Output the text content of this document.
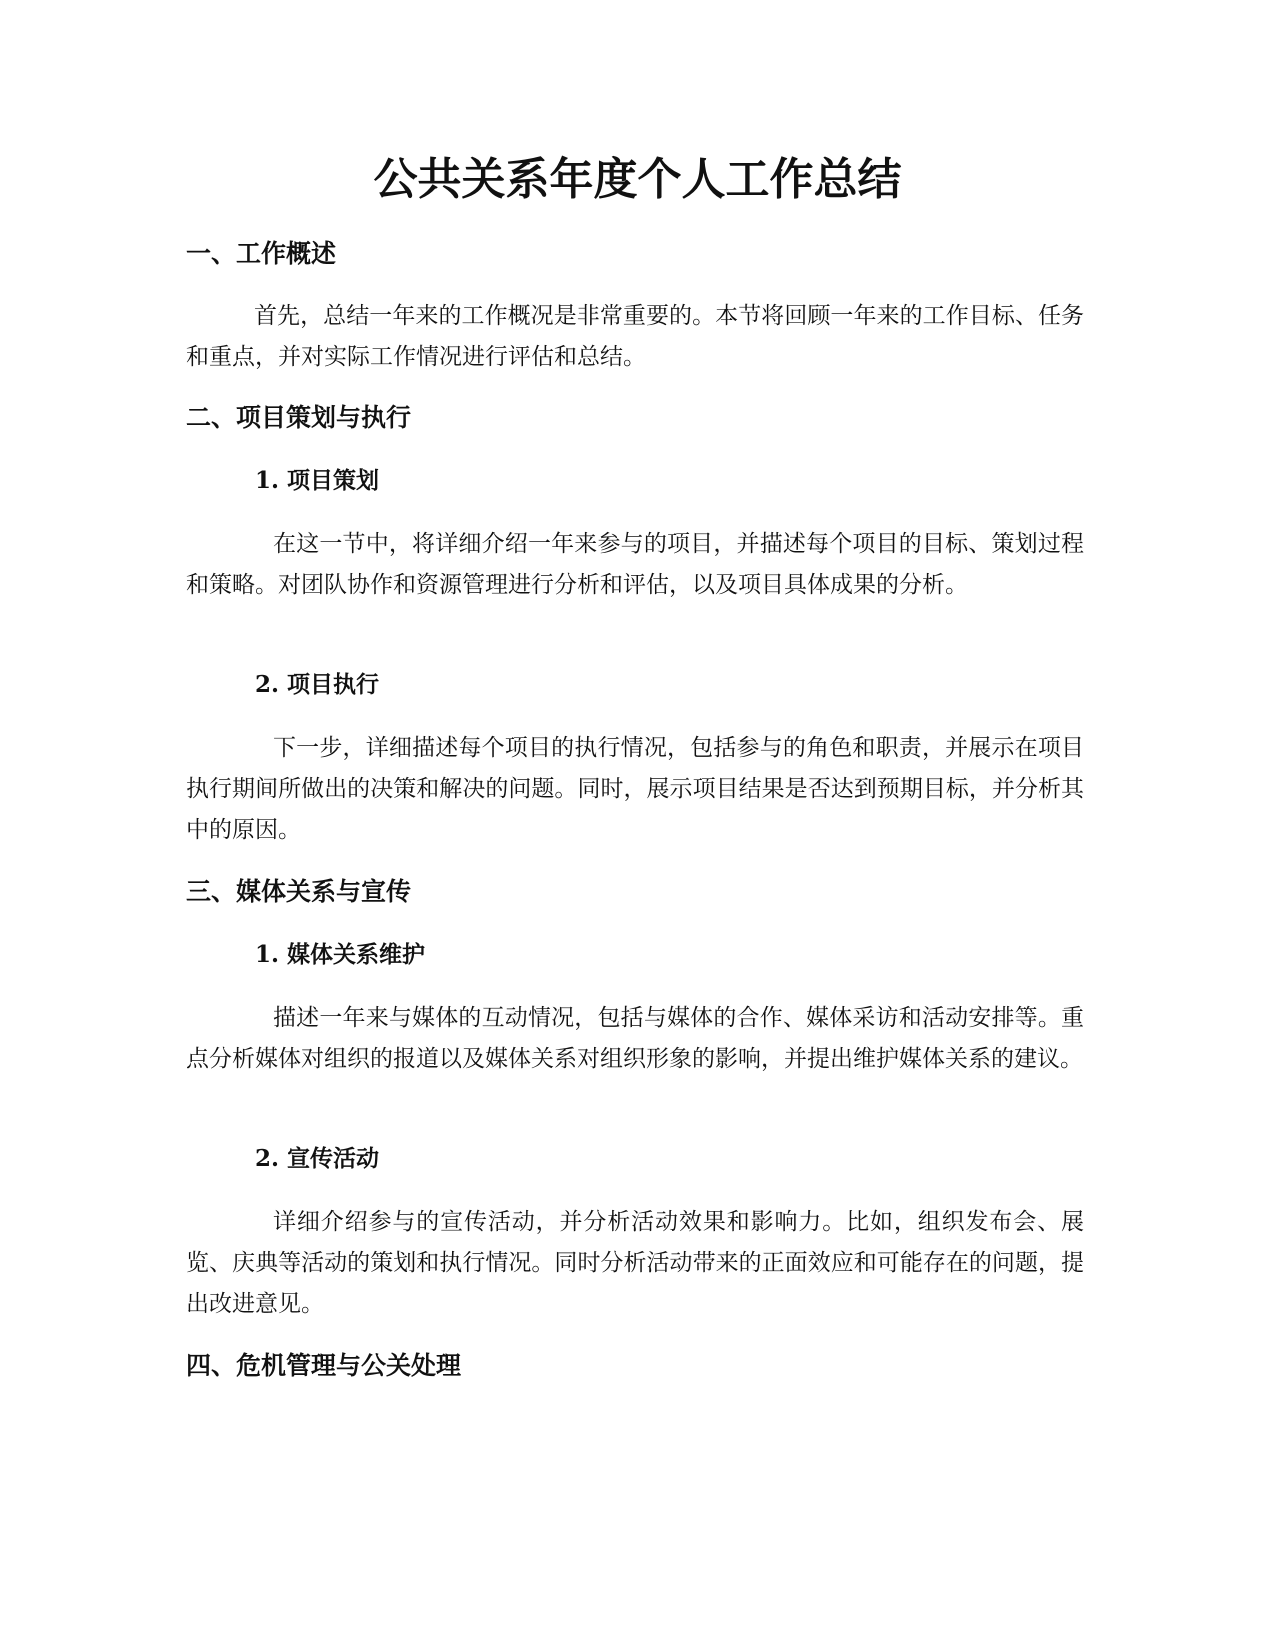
公共关系年度个人工作总结
一、工作概述

首先，总结一年来的工作概况是非常重要的。本节将回顾一年来的工作目标、任务和重点，并对实际工作情况进行评估和总结。

二、项目策划与执行
1. 项目策划

在这一节中，将详细介绍一年来参与的项目，并描述每个项目的目标、策划过程和策略。对团队协作和资源管理进行分析和评估，以及项目具体成果的分析。

2. 项目执行

下一步，详细描述每个项目的执行情况，包括参与的角色和职责，并展示在项目执行期间所做出的决策和解决的问题。同时，展示项目结果是否达到预期目标，并分析其中的原因。

三、媒体关系与宣传
1. 媒体关系维护

描述一年来与媒体的互动情况，包括与媒体的合作、媒体采访和活动安排等。重点分析媒体对组织的报道以及媒体关系对组织形象的影响，并提出维护媒体关系的建议。

2. 宣传活动

详细介绍参与的宣传活动，并分析活动效果和影响力。比如，组织发布会、展览、庆典等活动的策划和执行情况。同时分析活动带来的正面效应和可能存在的问题，提出改进意见。

四、危机管理与公关处理
